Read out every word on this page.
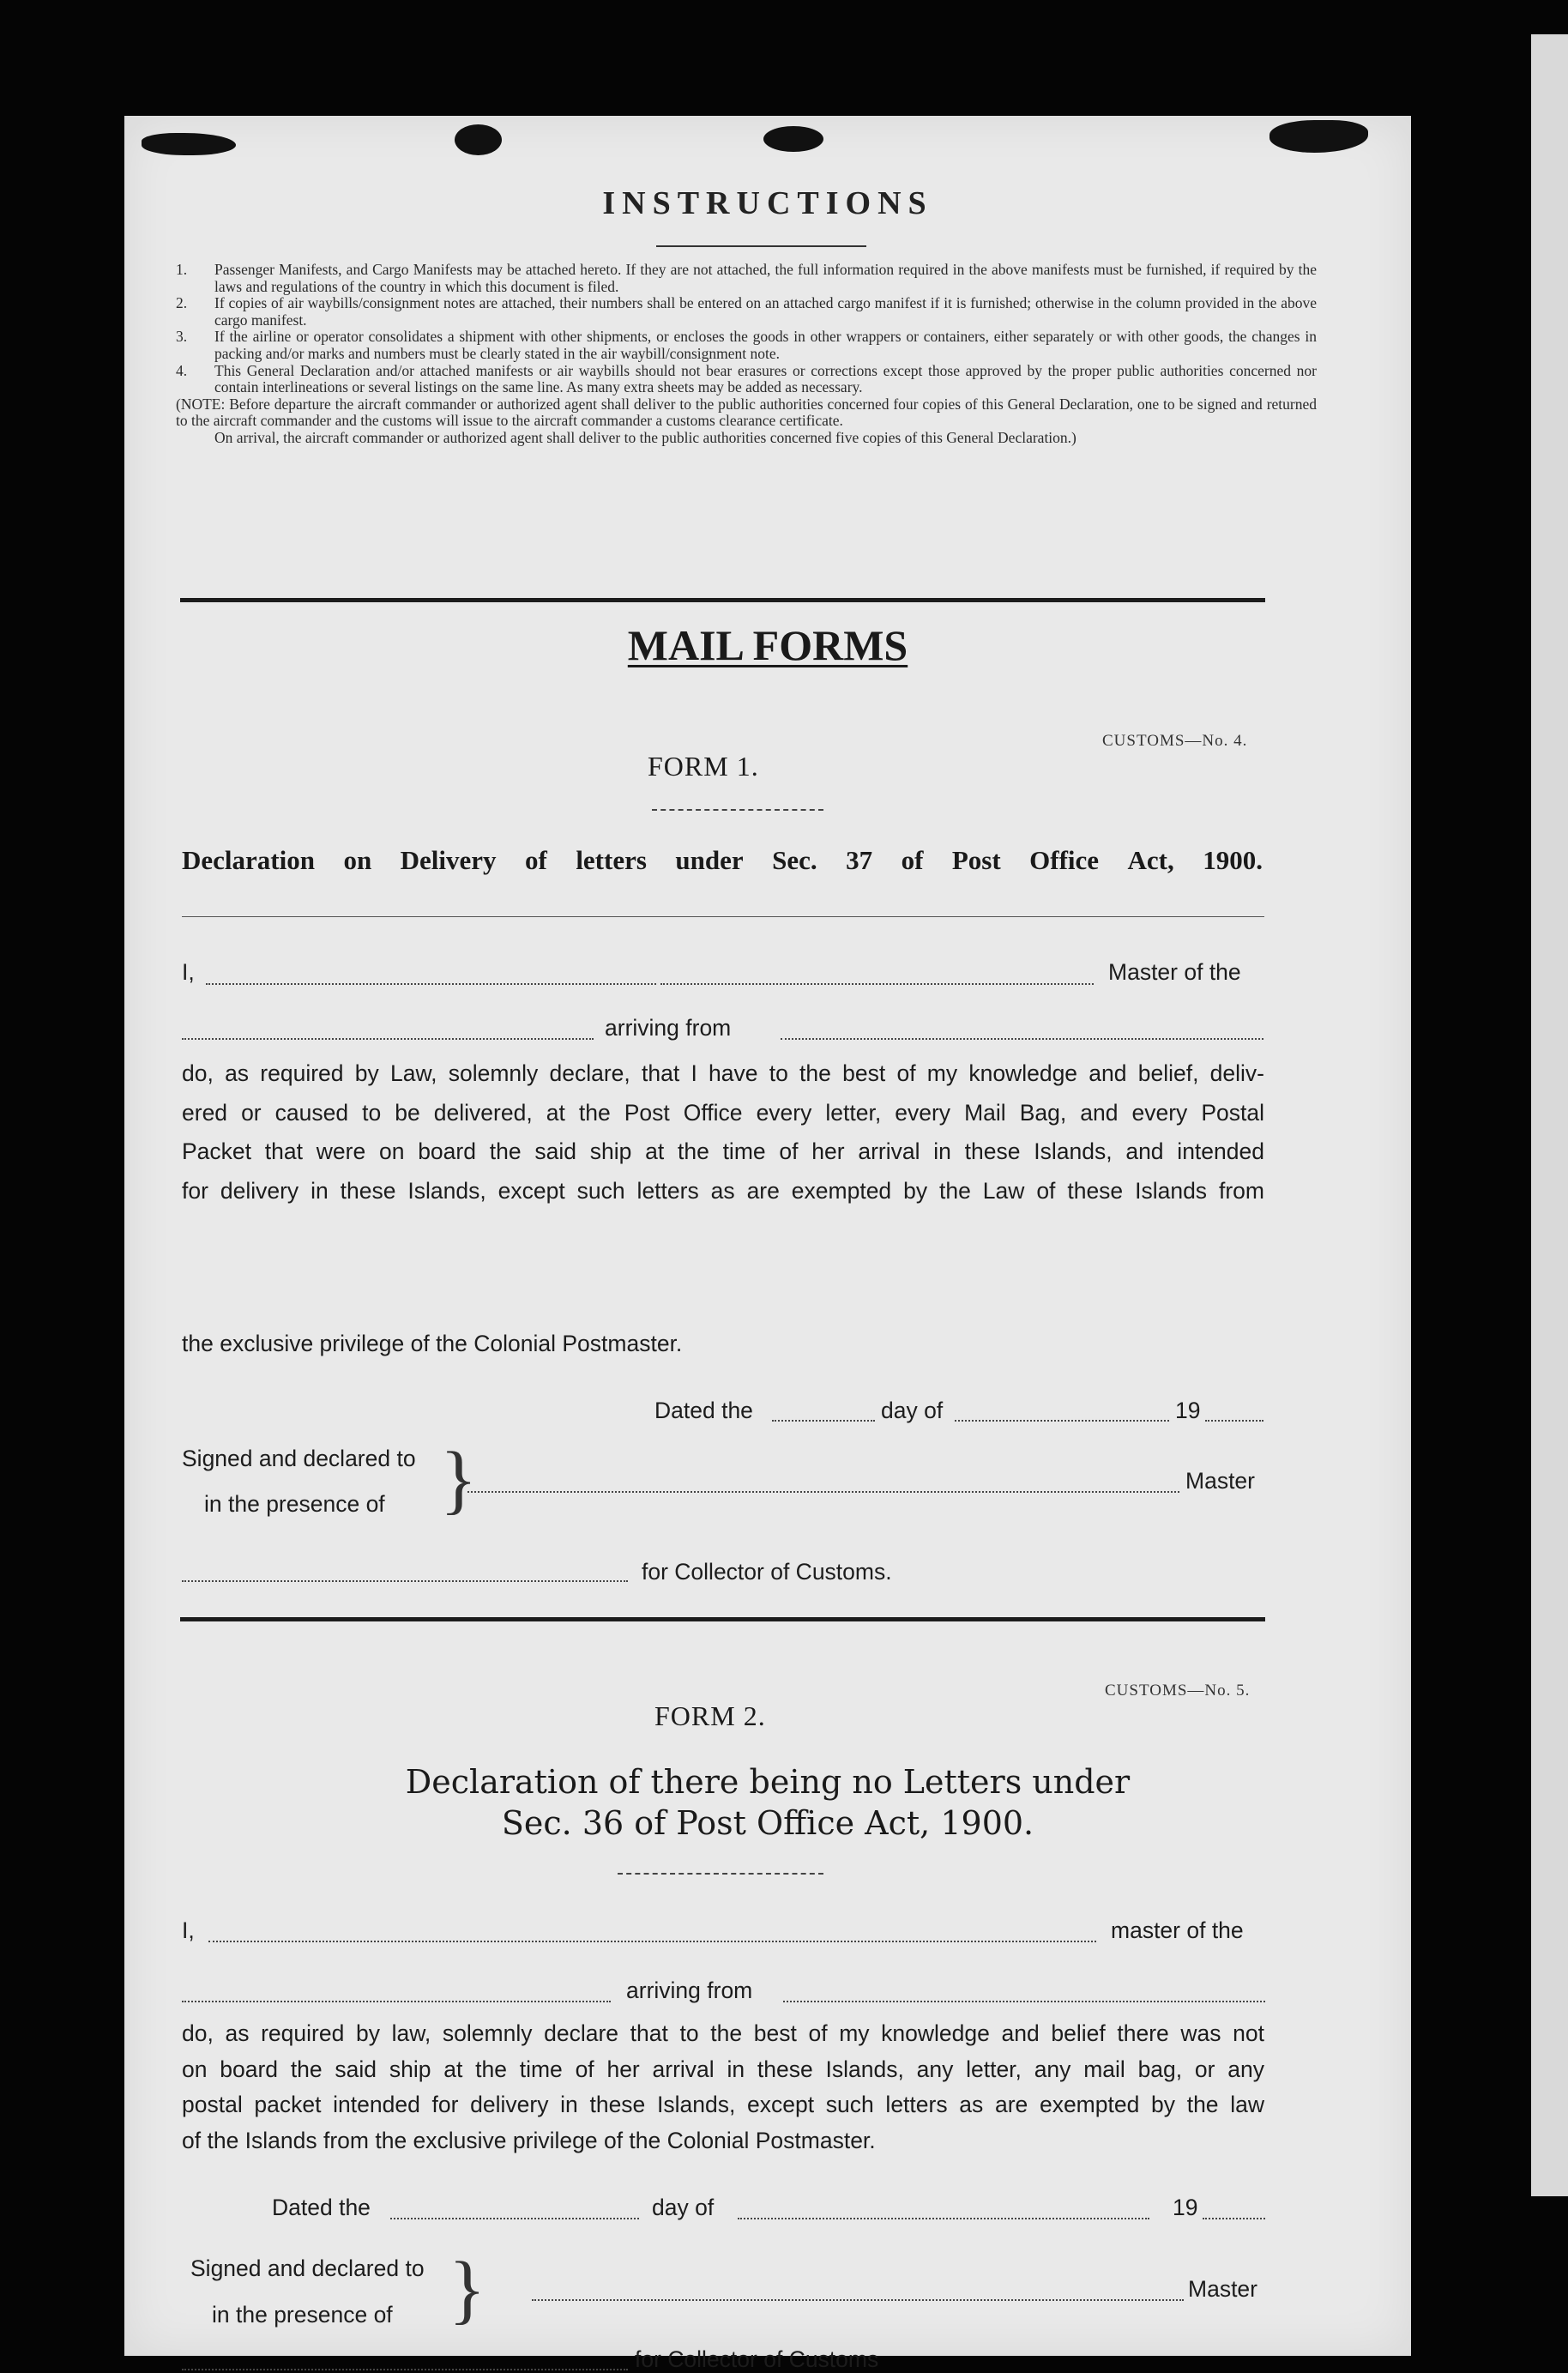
INSTRUCTIONS
1.	Passenger Manifests, and Cargo Manifests may be attached hereto. If they are not attached, the full information required in the above manifests must be furnished, if required by the laws and regulations of the country in which this document is filed.
2.	If copies of air waybills/consignment notes are attached, their numbers shall be entered on an attached cargo manifest if it is furnished; otherwise in the column provided in the above cargo manifest.
3.	If the airline or operator consolidates a shipment with other shipments, or encloses the goods in other wrappers or containers, either separately or with other goods, the changes in packing and/or marks and numbers must be clearly stated in the air waybill/consignment note.
4.	This General Declaration and/or attached manifests or air waybills should not bear erasures or corrections except those approved by the proper public authorities concerned nor contain interlineations or several listings on the same line. As many extra sheets may be added as necessary.
(NOTE: Before departure the aircraft commander or authorized agent shall deliver to the public authorities concerned four copies of this General Declaration, one to be signed and returned to the aircraft commander and the customs will issue to the aircraft commander a customs clearance certificate.
On arrival, the aircraft commander or authorized agent shall deliver to the public authorities concerned five copies of this General Declaration.)
MAIL FORMS
CUSTOMS—No. 4.
FORM 1.
Declaration on Delivery of letters under Sec. 37 of Post Office Act, 1900.
I,	Master of the
arriving from
do, as required by Law, solemnly declare, that I have to the best of my knowledge and belief, deliv-
ered or caused to be delivered, at the Post Office every letter, every Mail Bag, and every Postal
Packet that were on board the said ship at the time of her arrival in these Islands, and intended
for delivery in these Islands, except such letters as are exempted by the Law of these Islands from
the exclusive privilege of the Colonial Postmaster.
Dated the	day of	19
Signed and declared to
in the presence of }	Master
for Collector of Customs.
CUSTOMS—No. 5.
FORM 2.
Declaration of there being no Letters under
Sec. 36 of Post Office Act, 1900.
I,	master of the
arriving from
do, as required by law, solemnly declare that to the best of my knowledge and belief there was not
on board the said ship at the time of her arrival in these Islands, any letter, any mail bag, or any
postal packet intended for delivery in these Islands, except such letters as are exempted by the law
of the Islands from the exclusive privilege of the Colonial Postmaster.
Dated the	day of	19
Signed and declared to
in the presence of }	Master
for Collector of Customs
